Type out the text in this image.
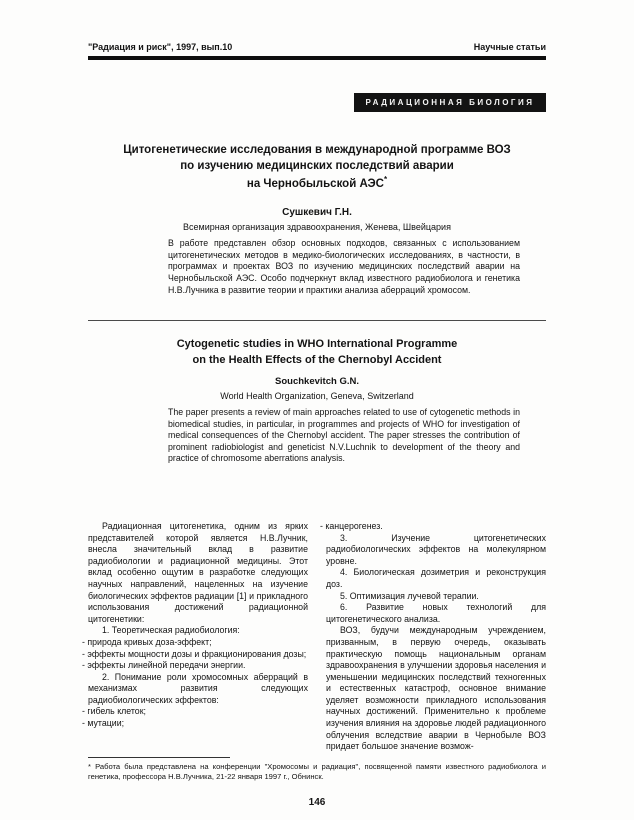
"Радиация и риск", 1997, вып.10	Научные статьи
РАДИАЦИОННАЯ БИОЛОГИЯ
Цитогенетические исследования в международной программе ВОЗ
по изучению медицинских последствий аварии
на Чернобыльской АЭС*
Сушкевич Г.Н.
Всемирная организация здравоохранения, Женева, Швейцария
В работе представлен обзор основных подходов, связанных с использованием цитогенетических методов в медико-биологических исследованиях, в частности, в программах и проектах ВОЗ по изучению медицинских последствий аварии на Чернобыльской АЭС. Особо подчеркнут вклад известного радиобиолога и генетика Н.В.Лучника в развитие теории и практики анализа аберраций хромосом.
Cytogenetic studies in WHO International Programme
on the Health Effects of the Chernobyl Accident
Souchkevitch G.N.
World Health Organization, Geneva, Switzerland
The paper presents a review of main approaches related to use of cytogenetic methods in biomedical studies, in particular, in programmes and projects of WHO for investigation of medical consequences of the Chernobyl accident. The paper stresses the contribution of prominent radiobiologist and geneticist N.V.Luchnik to development of the theory and practice of chromosome aberrations analysis.

Радиационная цитогенетика, одним из ярких представителей которой является Н.В.Лучник, внесла значительный вклад в развитие радиобиологии и радиационной медицины. Этот вклад особенно ощутим в разработке следующих научных направлений, нацеленных на изучение биологических эффектов радиации [1] и прикладного использования достижений радиационной цитогенетики:

1. Теоретическая радиобиология:

- природа кривых доза-эффект;

- эффекты мощности дозы и фракционирования дозы;

- эффекты линейной передачи энергии.

2. Понимание роли хромосомных аберраций в механизмах развития следующих радиобиологических эффектов:

- гибель клеток;

- мутации;

- канцерогенез.

3. Изучение цитогенетических радиобиологических эффектов на молекулярном уровне.

4. Биологическая дозиметрия и реконструкция доз.

5. Оптимизация лучевой терапии.

6. Развитие новых технологий для цитогенетического анализа.

ВОЗ, будучи международным учреждением, призванным, в первую очередь, оказывать практическую помощь национальным органам здравоохранения в улучшении здоровья населения и уменьшении медицинских последствий техногенных и естественных катастроф, основное внимание уделяет возможности прикладного использования научных достижений. Применительно к проблеме изучения влияния на здоровье людей радиационного облучения вследствие аварии в Чернобыле ВОЗ придает большое значение возмож-

* Работа была представлена на конференции "Хромосомы и радиация", посвященной памяти известного радиобиолога и генетика, профессора Н.В.Лучника, 21-22 января 1997 г., Обнинск.
146
